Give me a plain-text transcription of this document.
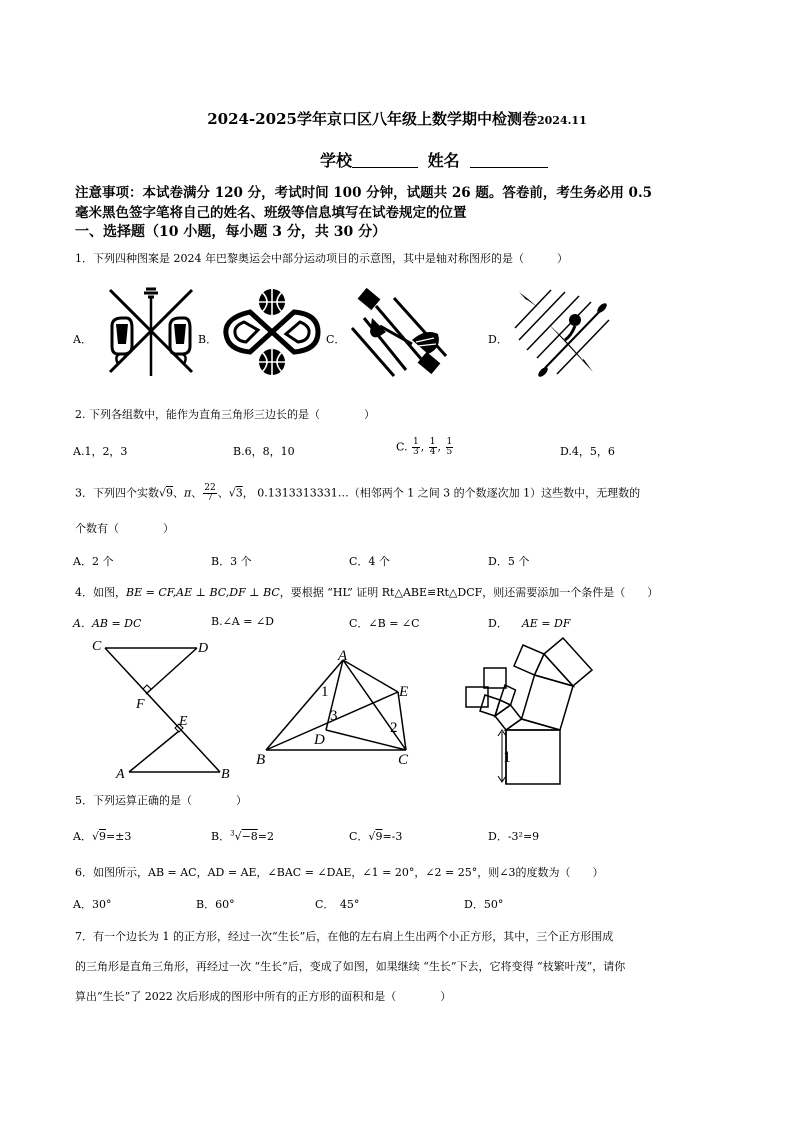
2024-2025学年京口区八年级上数学期中检测卷2024.11
学校	姓名
注意事项：本试卷满分 120 分，考试时间 100 分钟，试题共 26 题。答卷前，考生务必用 0.5
毫米黑色签字笔将自己的姓名、班级等信息填写在试卷规定的位置
一、选择题（10 小题，每小题 3 分，共 30 分）
1．下列四种图案是 2024 年巴黎奥运会中部分运动项目的示意图，其中是轴对称图形的是（　　　）
A．	B．	C．	D．
2. 下列各组数中，能作为直角三角形三边长的是（　　　　）
A.1，2，3	B.6，8，10	C. $\frac{1}{3}$ , $\frac{1}{4}$ , $\frac{1}{5}$	D.4，5，6
3．下列四个实数√9、π、 $\frac{22}{7}$ 、√3， 0.1313313331…（相邻两个 1 之间 3 的个数逐次加 1）这些数中，无理数的
个数有（　　　　）
A．2 个	B．3 个	C．4 个	D．5 个
4．如图，BE = CF,AE ⊥ BC,DF ⊥ BC，要根据 “HL” 证明 Rt△ABE≌Rt△DCF，则还需要添加一个条件是（　　）
A．AB = DC	B.∠A = ∠D	C．∠B = ∠C	D． AE = DF
C	D
F
E
A	B
A
E
1
3
2
D
B	C	1
5．下列运算正确的是（　　　　）
A．√9=±3	B．$^3$√−8=2	C．√9=-3	D．-3²=9
6．如图所示，AB = AC，AD = AE，∠BAC = ∠DAE，∠1 = 20°，∠2 = 25°，则∠3的度数为（　　）
A．30°	B．60°	C．　45°	D．50°
7．有一个边长为 1 的正方形，经过一次“生长”后，在他的左右肩上生出两个小正方形，其中，三个正方形围成
的三角形是直角三角形，再经过一次 “生长”后，变成了如图，如果继续 “生长”下去，它将变得 “枝繁叶茂”，请你
算出“生长”了 2022 次后形成的图形中所有的正方形的面积和是（　　　　）
